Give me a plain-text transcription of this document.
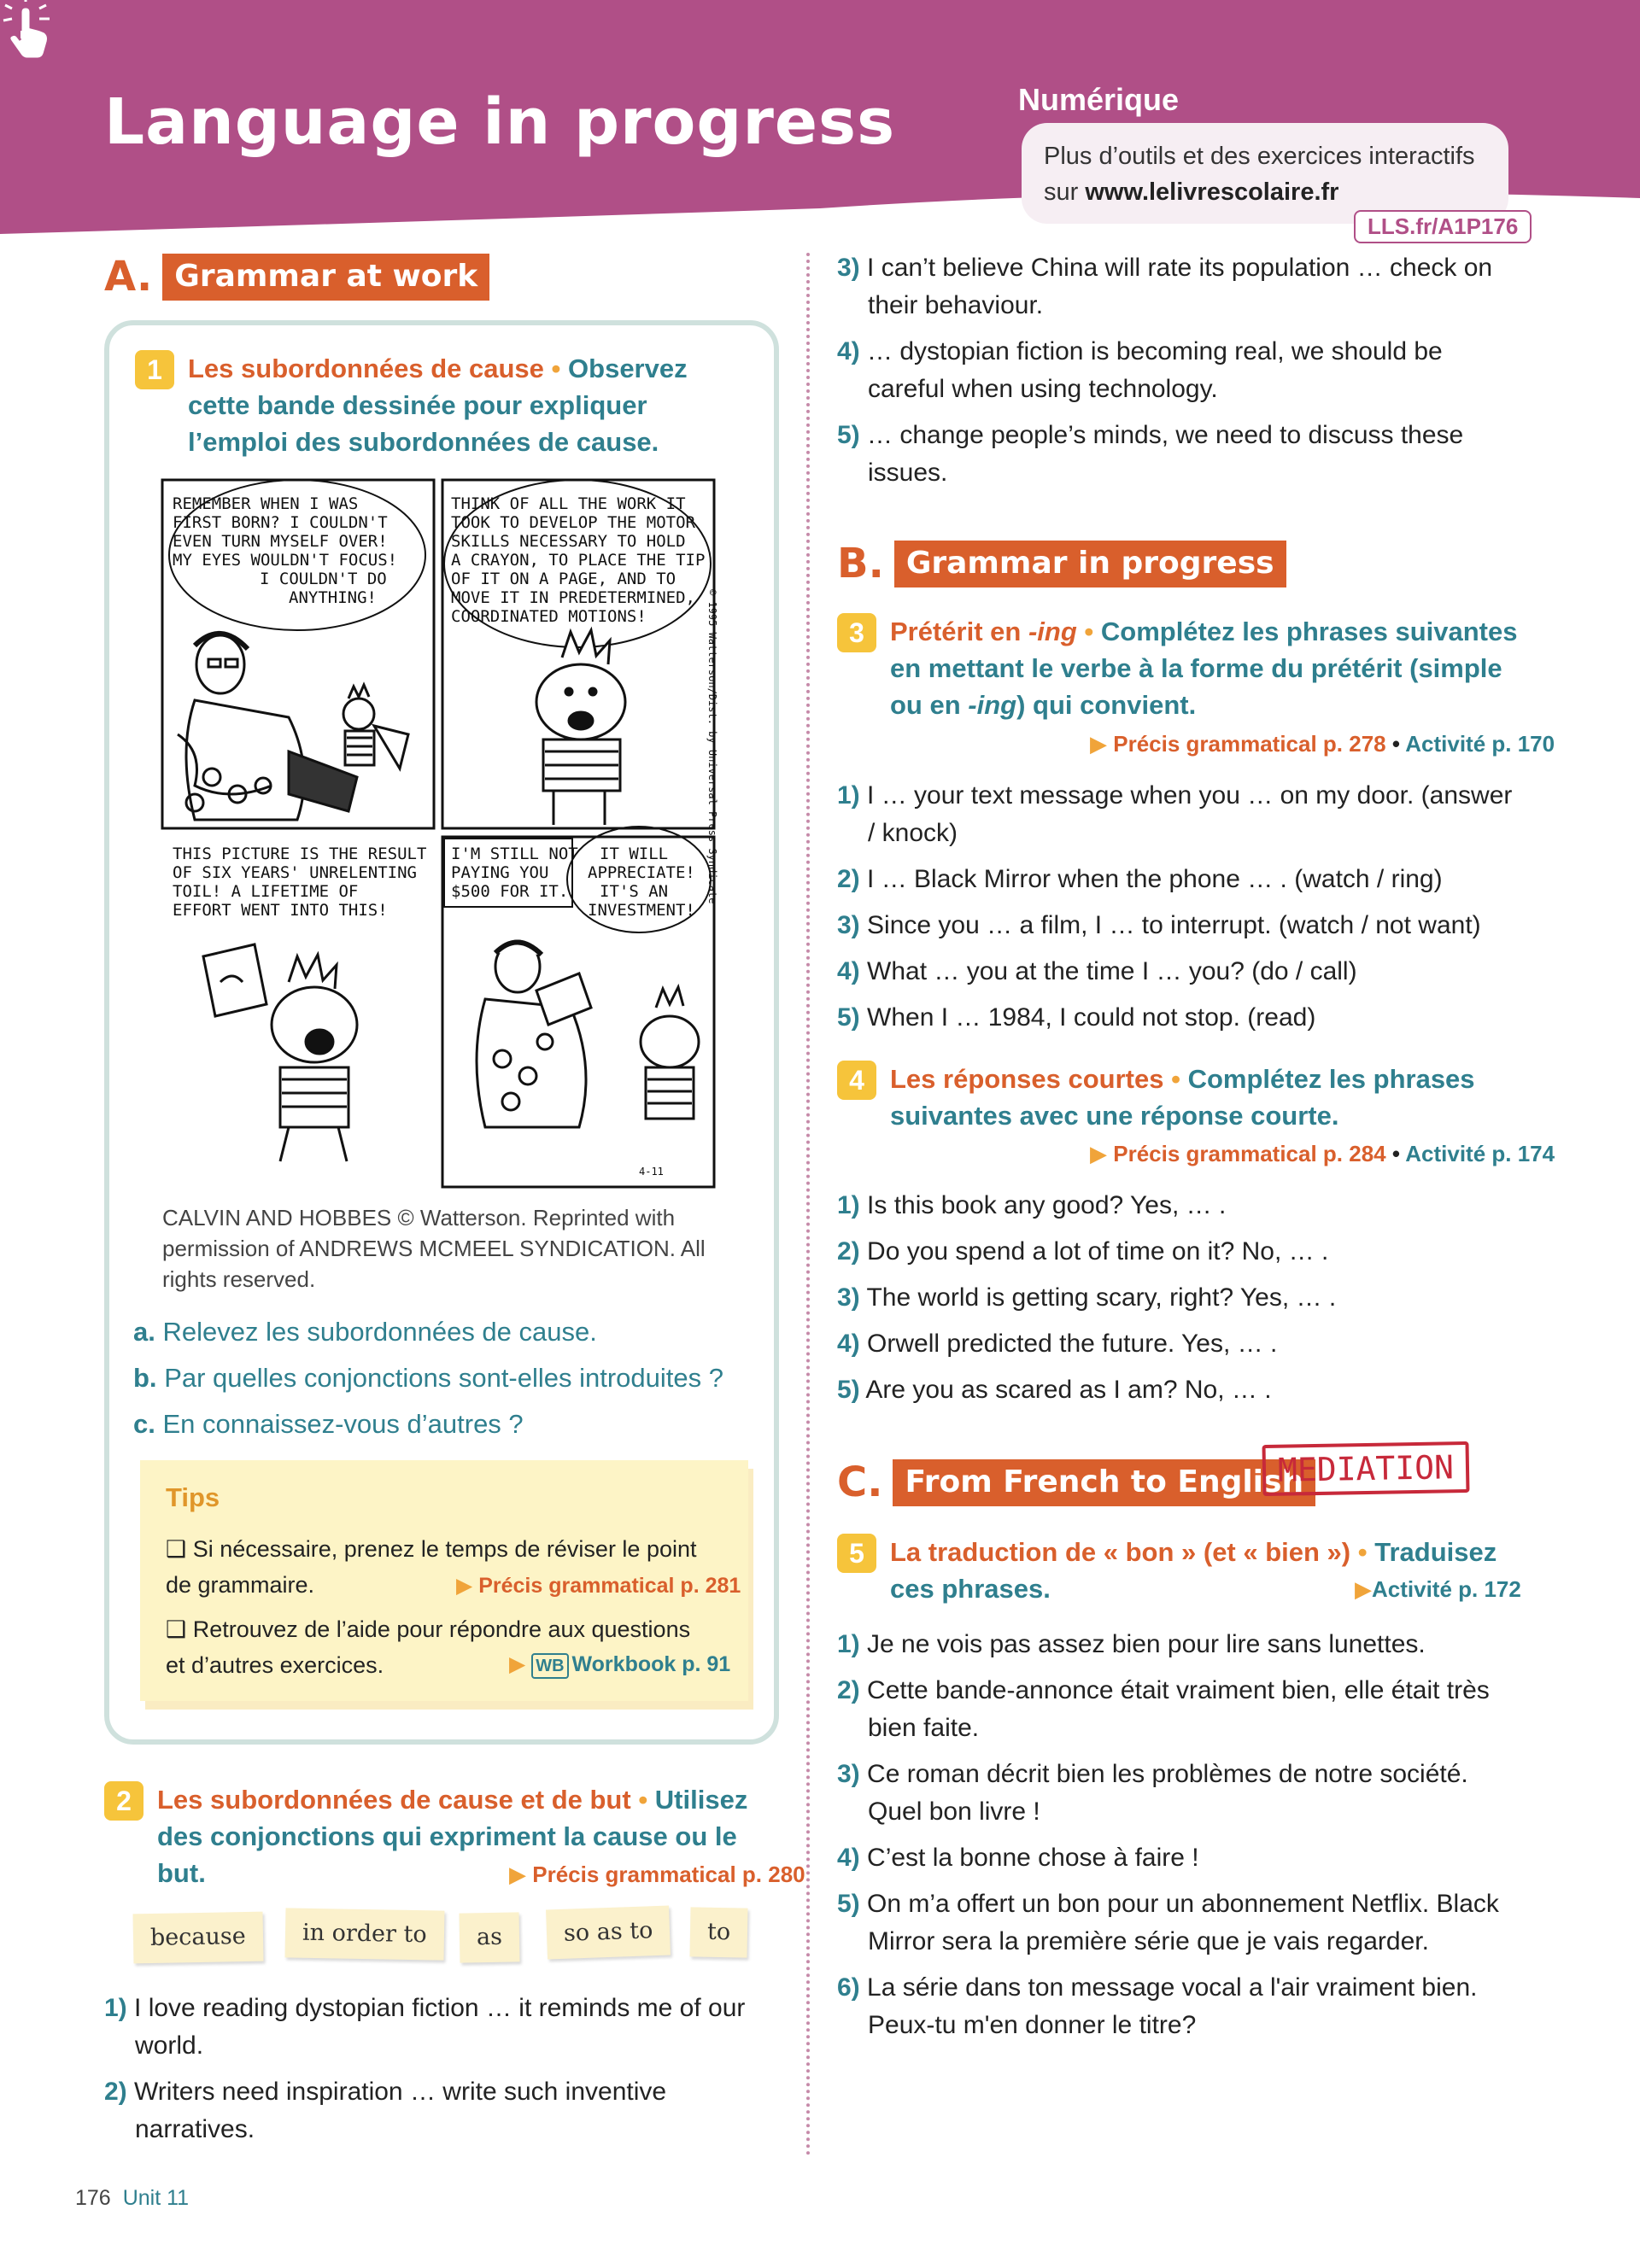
Language in progress	Numérique
Plus d’outils et des exercices interactifs
sur www.lelivrescolaire.fr
LLS.fr/A1P176
A. Grammar at work
1 Les subordonnées de cause • Observez cette bande dessinée pour expliquer l’emploi des subordonnées de cause.
REMEMBER WHEN I WAS
FIRST BORN? I COULDN'T
EVEN TURN MYSELF OVER!
MY EYES WOULDN'T FOCUS!
I COULDN'T DO
ANYTHING!
THINK OF ALL THE WORK IT
TOOK TO DEVELOP THE MOTOR
SKILLS NECESSARY TO HOLD
A CRAYON, TO PLACE THE TIP
OF IT ON A PAGE, AND TO
MOVE IT IN PREDETERMINED,
COORDINATED MOTIONS!	© 1995 Watterson/Dist. by Universal Press Syndicate
THIS PICTURE IS THE RESULT
OF SIX YEARS' UNRELENTING
TOIL! A LIFETIME OF
EFFORT WENT INTO THIS!
I'M STILL NOT
PAYING YOU
$500 FOR IT.
IT WILL
APPRECIATE!
IT'S AN
INVESTMENT!
4-11
CALVIN AND HOBBES © Watterson. Reprinted with permission of ANDREWS MCMEEL SYNDICATION. All rights reserved.
a. Relevez les subordonnées de cause.
b. Par quelles conjonctions sont-elles introduites ?
c. En connaissez-vous d’autres ?
Tips
❑ Si nécessaire, prenez le temps de réviser le point
de grammaire.	▶ Précis grammatical p. 281
❑ Retrouvez de l’aide pour répondre aux questions
et d’autres exercices.	▶ WB Workbook p. 91
2 Les subordonnées de cause et de but • Utilisez des conjonctions qui expriment la cause ou le but.	▶ Précis grammatical p. 280
because	in order to	as	so as to	to
1) I love reading dystopian fiction … it reminds me of our world.
2) Writers need inspiration … write such inventive narratives.
3) I can’t believe China will rate its population … check on their behaviour.
4) … dystopian fiction is becoming real, we should be careful when using technology.
5) … change people’s minds, we need to discuss these issues.
B. Grammar in progress
3 Prétérit en -ing • Complétez les phrases suivantes en mettant le verbe à la forme du prétérit (simple ou en -ing) qui convient.
▶ Précis grammatical p. 278 • Activité p. 170
1) I … your text message when you … on my door. (answer / knock)
2) I … Black Mirror when the phone … . (watch / ring)
3) Since you … a film, I … to interrupt. (watch / not want)
4) What … you at the time I … you? (do / call)
5) When I … 1984, I could not stop. (read)
4 Les réponses courtes • Complétez les phrases suivantes avec une réponse courte.
▶ Précis grammatical p. 284 • Activité p. 174
1) Is this book any good? Yes, … .
2) Do you spend a lot of time on it? No, … .
3) The world is getting scary, right? Yes, … .
4) Orwell predicted the future. Yes, … .
5) Are you as scared as I am? No, … .
C. From French to English
MEDIATION
5 La traduction de « bon » (et « bien ») • Traduisez ces phrases.	▶Activité p. 172
1) Je ne vois pas assez bien pour lire sans lunettes.
2) Cette bande-annonce était vraiment bien, elle était très bien faite.
3) Ce roman décrit bien les problèmes de notre société. Quel bon livre !
4) C’est la bonne chose à faire !
5) On m’a offert un bon pour un abonnement Netflix. Black Mirror sera la première série que je vais regarder.
6) La série dans ton message vocal a l'air vraiment bien. Peux-tu m'en donner le titre?
176 Unit 11
